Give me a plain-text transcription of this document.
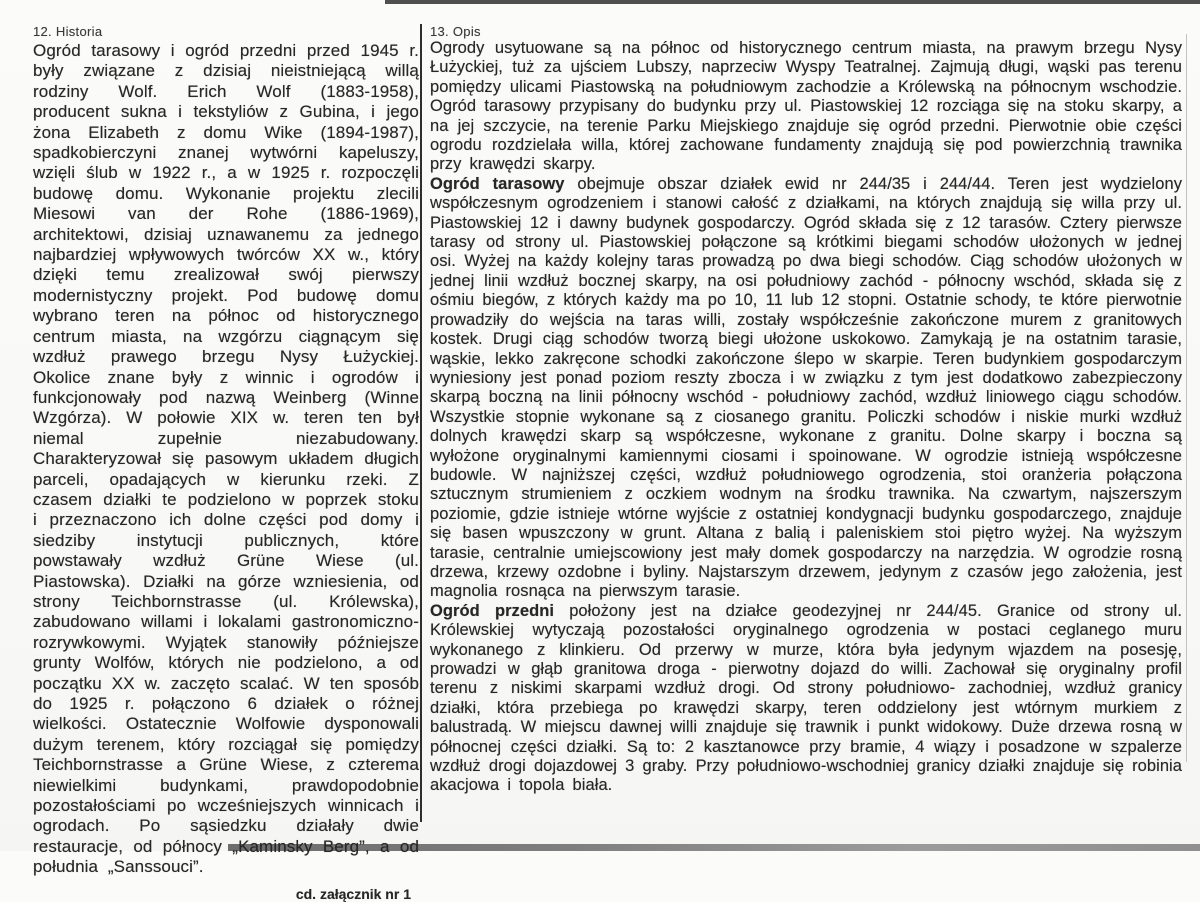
12. Historia

Ogród tarasowy i ogród przedni przed 1945 r. były związane z dzisiaj nieistniejącą willą rodziny Wolf. Erich Wolf (1883-1958), producent sukna i tekstyliów z Gubina, i jego żona Elizabeth z domu Wike (1894-1987), spadkobierczyni znanej wytwórni kapeluszy, wzięli ślub w 1922 r., a w 1925 r. rozpoczęli budowę domu. Wykonanie projektu zlecili Miesowi van der Rohe (1886-1969), architektowi, dzisiaj uznawanemu za jednego najbardziej wpływowych twórców XX w., który dzięki temu zrealizował swój pierwszy modernistyczny projekt. Pod budowę domu wybrano teren na północ od historycznego centrum miasta, na wzgórzu ciągnącym się wzdłuż prawego brzegu Nysy Łużyckiej. Okolice znane były z winnic i ogrodów i funkcjonowały pod nazwą Weinberg (Winne Wzgórza). W połowie XIX w. teren ten był niemal zupełnie niezabudowany. Charakteryzował się pasowym układem długich parceli, opadających w kierunku rzeki. Z czasem działki te podzielono w poprzek stoku i przeznaczono ich dolne części pod domy i siedziby instytucji publicznych, które powstawały wzdłuż Grüne Wiese (ul. Piastowska). Działki na górze wzniesienia, od strony Teichbornstrasse (ul. Królewska), zabudowano willami i lokalami gastronomiczno-rozrywkowymi. Wyjątek stanowiły późniejsze grunty Wolfów, których nie podzielono, a od początku XX w. zaczęto scalać. W ten sposób do 1925 r. połączono 6 działek o różnej wielkości. Ostatecznie Wolfowie dysponowali dużym terenem, który rozciągał się pomiędzy Teichbornstrasse a Grüne Wiese, z czterema niewielkimi budynkami, prawdopodobnie pozostałościami po wcześniejszych winnicach i ogrodach. Po sąsiedzku działały dwie restauracje, od północy „Kaminsky Berg”, a od południa „Sanssouci”.

cd. załącznik nr 1
13. Opis

Ogrody usytuowane są na północ od historycznego centrum miasta, na prawym brzegu Nysy Łużyckiej, tuż za ujściem Lubszy, naprzeciw Wyspy Teatralnej. Zajmują długi, wąski pas terenu pomiędzy ulicami Piastowską na południowym zachodzie a Królewską na północnym wschodzie. Ogród tarasowy przypisany do budynku przy ul. Piastowskiej 12 rozciąga się na stoku skarpy, a na jej szczycie, na terenie Parku Miejskiego znajduje się ogród przedni. Pierwotnie obie części ogrodu rozdzielała willa, której zachowane fundamenty znajdują się pod powierzchnią trawnika przy krawędzi skarpy.

Ogród tarasowy obejmuje obszar działek ewid nr 244/35 i 244/44. Teren jest wydzielony współczesnym ogrodzeniem i stanowi całość z działkami, na których znajdują się willa przy ul. Piastowskiej 12 i dawny budynek gospodarczy. Ogród składa się z 12 tarasów. Cztery pierwsze tarasy od strony ul. Piastowskiej połączone są krótkimi biegami schodów ułożonych w jednej osi. Wyżej na każdy kolejny taras prowadzą po dwa biegi schodów. Ciąg schodów ułożonych w jednej linii wzdłuż bocznej skarpy, na osi południowy zachód - północny wschód, składa się z ośmiu biegów, z których każdy ma po 10, 11 lub 12 stopni. Ostatnie schody, te które pierwotnie prowadziły do wejścia na taras willi, zostały współcześnie zakończone murem z granitowych kostek. Drugi ciąg schodów tworzą biegi ułożone uskokowo. Zamykają je na ostatnim tarasie, wąskie, lekko zakręcone schodki zakończone ślepo w skarpie. Teren budynkiem gospodarczym wyniesiony jest ponad poziom reszty zbocza i w związku z tym jest dodatkowo zabezpieczony skarpą boczną na linii północny wschód - południowy zachód, wzdłuż liniowego ciągu schodów. Wszystkie stopnie wykonane są z ciosanego granitu. Policzki schodów i niskie murki wzdłuż dolnych krawędzi skarp są współczesne, wykonane z granitu. Dolne skarpy i boczna są wyłożone oryginalnymi kamiennymi ciosami i spoinowane. W ogrodzie istnieją współczesne budowle. W najniższej części, wzdłuż południowego ogrodzenia, stoi oranżeria połączona sztucznym strumieniem z oczkiem wodnym na środku trawnika. Na czwartym, najszerszym poziomie, gdzie istnieje wtórne wyjście z ostatniej kondygnacji budynku gospodarczego, znajduje się basen wpuszczony w grunt. Altana z balią i paleniskiem stoi piętro wyżej. Na wyższym tarasie, centralnie umiejscowiony jest mały domek gospodarczy na narzędzia. W ogrodzie rosną drzewa, krzewy ozdobne i byliny. Najstarszym drzewem, jedynym z czasów jego założenia, jest magnolia rosnąca na pierwszym tarasie.

Ogród przedni położony jest na działce geodezyjnej nr 244/45. Granice od strony ul. Królewskiej wytyczają pozostałości oryginalnego ogrodzenia w postaci ceglanego muru wykonanego z klinkieru. Od przerwy w murze, która była jedynym wjazdem na posesję, prowadzi w głąb granitowa droga - pierwotny dojazd do willi. Zachował się oryginalny profil terenu z niskimi skarpami wzdłuż drogi. Od strony południowo- zachodniej, wzdłuż granicy działki, która przebiega po krawędzi skarpy, teren oddzielony jest wtórnym murkiem z balustradą. W miejscu dawnej willi znajduje się trawnik i punkt widokowy. Duże drzewa rosną w północnej części działki. Są to: 2 kasztanowce przy bramie, 4 wiązy i posadzone w szpalerze wzdłuż drogi dojazdowej 3 graby. Przy południowo-wschodniej granicy działki znajduje się robinia akacjowa i topola biała.
